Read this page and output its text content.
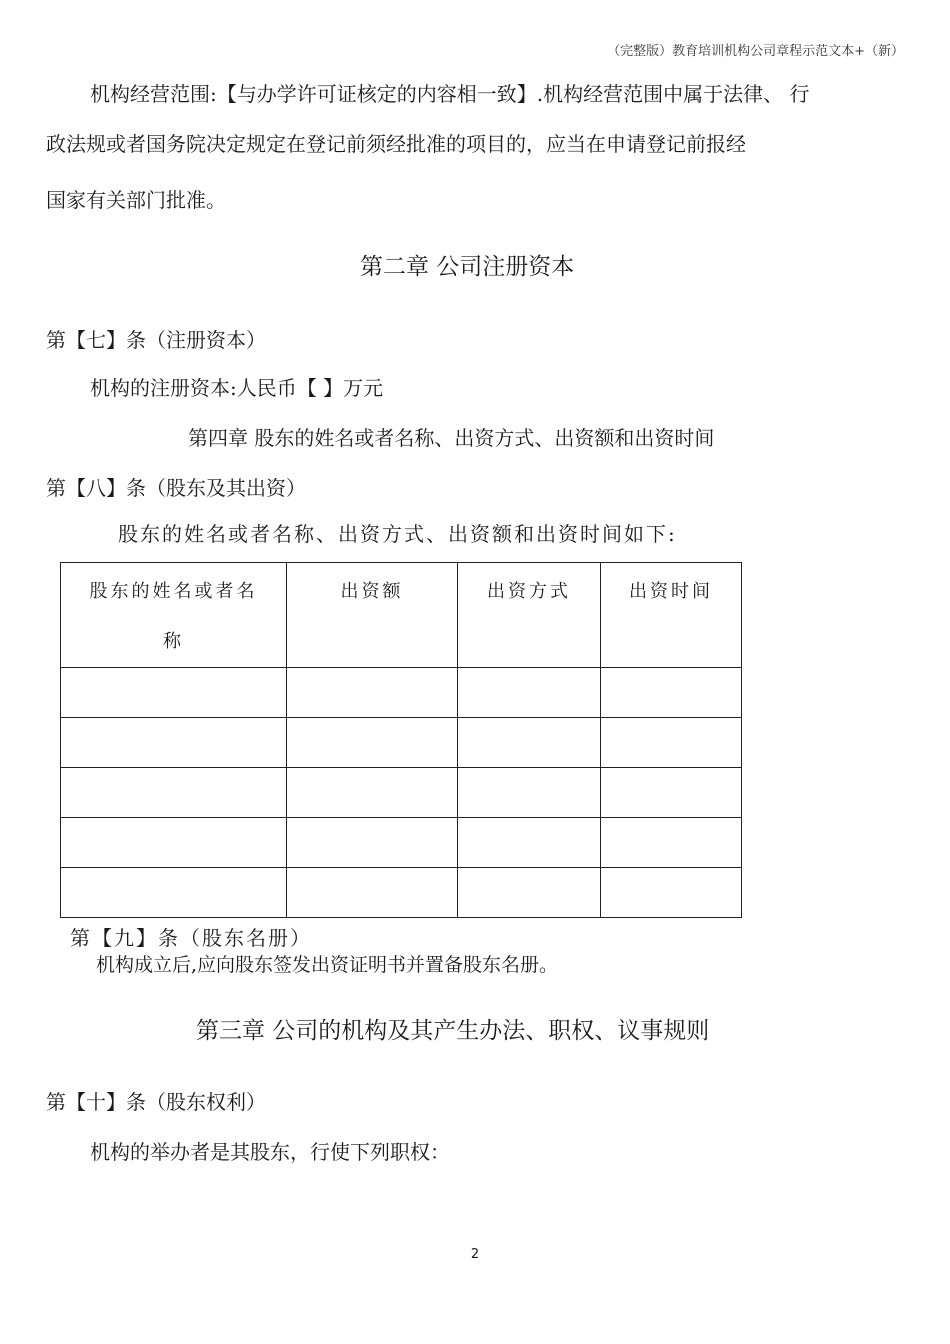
（完整版）教育培训机构公司章程示范文本+（新）
机构经营范围:【与办学许可证核定的内容相一致】.机构经营范围中属于法律、 行
政法规或者国务院决定规定在登记前须经批准的项目的，应当在申请登记前报经
国家有关部门批准。
第二章 公司注册资本
第【七】条（注册资本）
机构的注册资本:人民币【 】万元
第四章 股东的姓名或者名称、出资方式、出资额和出资时间
第【八】条（股东及其出资）
股东的姓名或者名称、出资方式、出资额和出资时间如下:
股东的姓名或者名
称	出资额	出资方式	出资时间

第【九】条（股东名册）
机构成立后,应向股东签发出资证明书并置备股东名册。
第三章 公司的机构及其产生办法、职权、议事规则
第【十】条（股东权利）
机构的举办者是其股东，行使下列职权：
2
